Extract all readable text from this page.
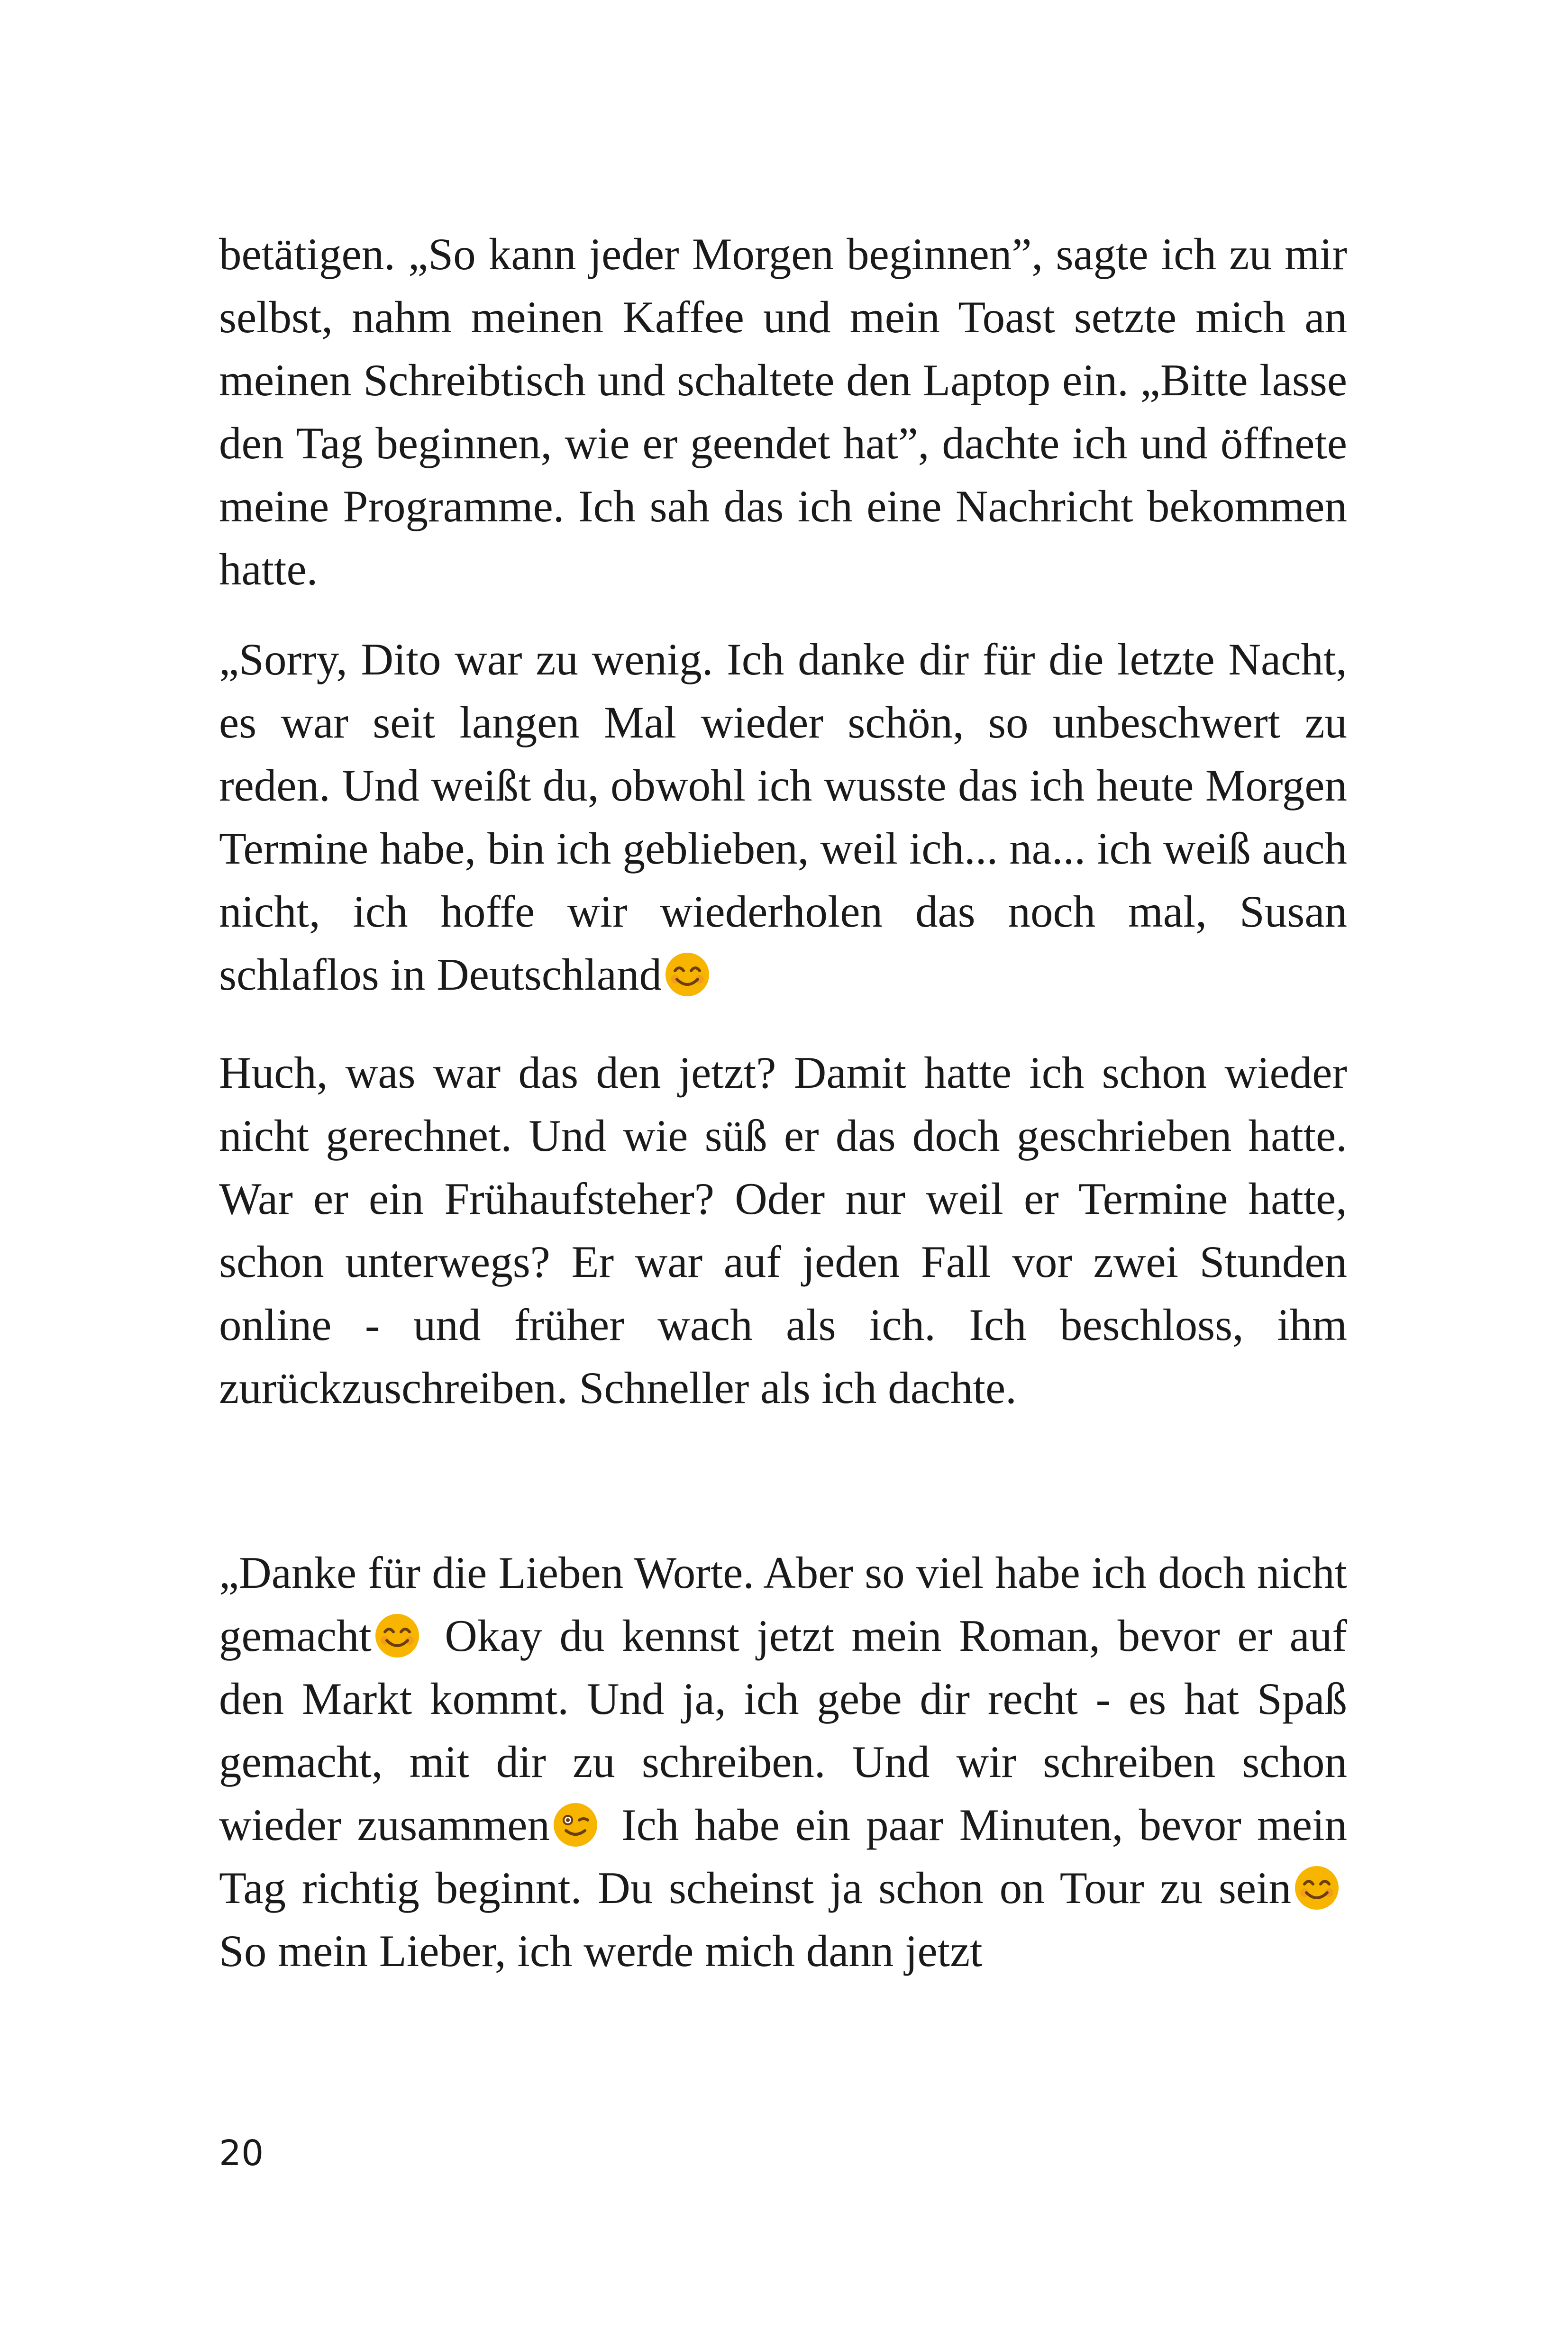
betätigen. „So kann jeder Morgen beginnen”, sagte ich zu mir selbst, nahm meinen Kaffee und mein Toast setzte mich an meinen Schreibtisch und schaltete den Laptop ein. „Bitte lasse den Tag beginnen, wie er geendet hat”, dachte ich und öffnete meine Programme. Ich sah das ich eine Nachricht bekommen hatte.

„Sorry, Dito war zu wenig. Ich danke dir für die letzte Nacht, es war seit langen Mal wieder schön, so unbeschwert zu reden. Und weißt du, obwohl ich wusste das ich heute Morgen Termine habe, bin ich geblieben, weil ich... na... ich weiß auch nicht, ich hoffe wir wiederholen das noch mal, Susan schlaflos in Deutschland

Huch, was war das den jetzt? Damit hatte ich schon wieder nicht gerechnet. Und wie süß er das doch geschrieben hatte. War er ein Frühaufsteher? Oder nur weil er Termine hatte, schon unterwegs? Er war auf jeden Fall vor zwei Stunden online - und früher wach als ich. Ich beschloss, ihm zurückzuschreiben. Schneller als ich dachte.

„Danke für die Lieben Worte. Aber so viel habe ich doch nicht gemacht
Okay du kennst jetzt mein Roman, bevor er auf den Markt kommt. Und ja, ich gebe dir recht - es hat Spaß gemacht, mit dir zu schreiben. Und wir schreiben schon wieder zusammen
Ich habe ein paar Minuten, bevor mein Tag richtig beginnt. Du scheinst ja schon on Tour zu sein
So mein Lieber, ich werde mich dann jetzt

20
